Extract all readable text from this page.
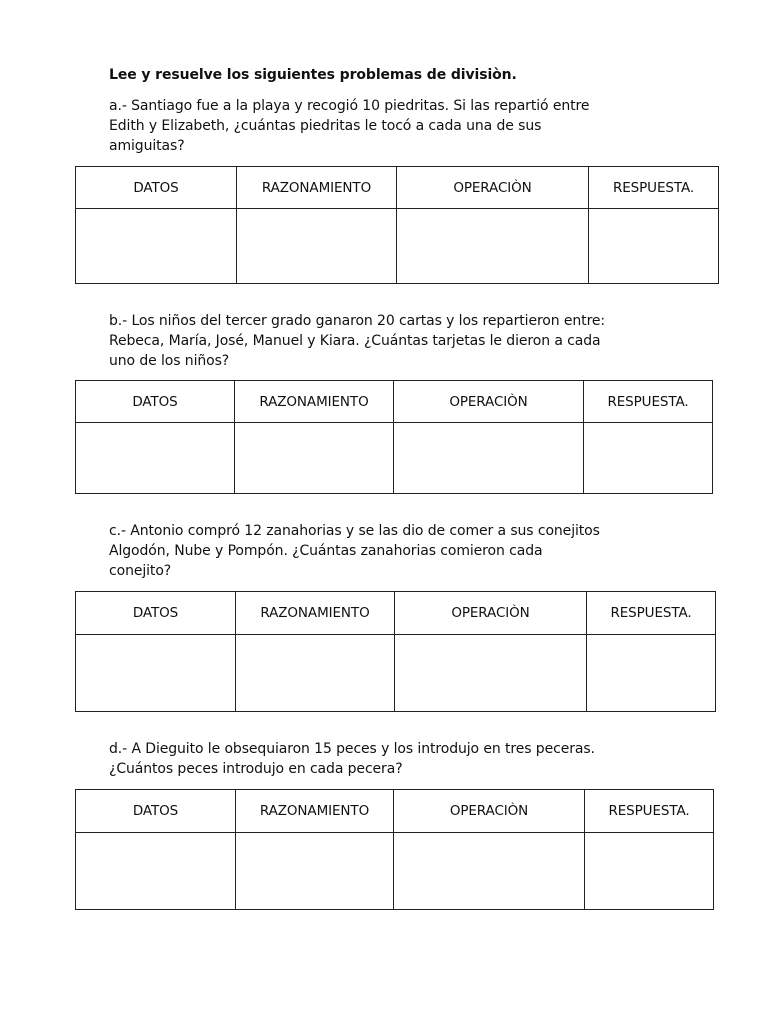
Lee y resuelve los siguientes problemas de divisiòn.
a.- Santiago fue a la playa y recogió 10 piedritas. Si las repartió entre
Edith y Elizabeth, ¿cuántas piedritas le tocó a cada una de sus
amiguitas?
DATOS	RAZONAMIENTO	OPERACIÒN	RESPUESTA.

b.- Los niños del tercer grado ganaron 20 cartas y los repartieron entre:
Rebeca, María, José, Manuel y Kiara. ¿Cuántas tarjetas le dieron a cada
uno de los niños?
DATOS	RAZONAMIENTO	OPERACIÒN	RESPUESTA.

c.- Antonio compró 12 zanahorias y se las dio de comer a sus conejitos
Algodón, Nube y Pompón. ¿Cuántas zanahorias comieron cada
conejito?
DATOS	RAZONAMIENTO	OPERACIÒN	RESPUESTA.

d.- A Dieguito le obsequiaron 15 peces y los introdujo en tres peceras.
¿Cuántos peces introdujo en cada pecera?
DATOS	RAZONAMIENTO	OPERACIÒN	RESPUESTA.
